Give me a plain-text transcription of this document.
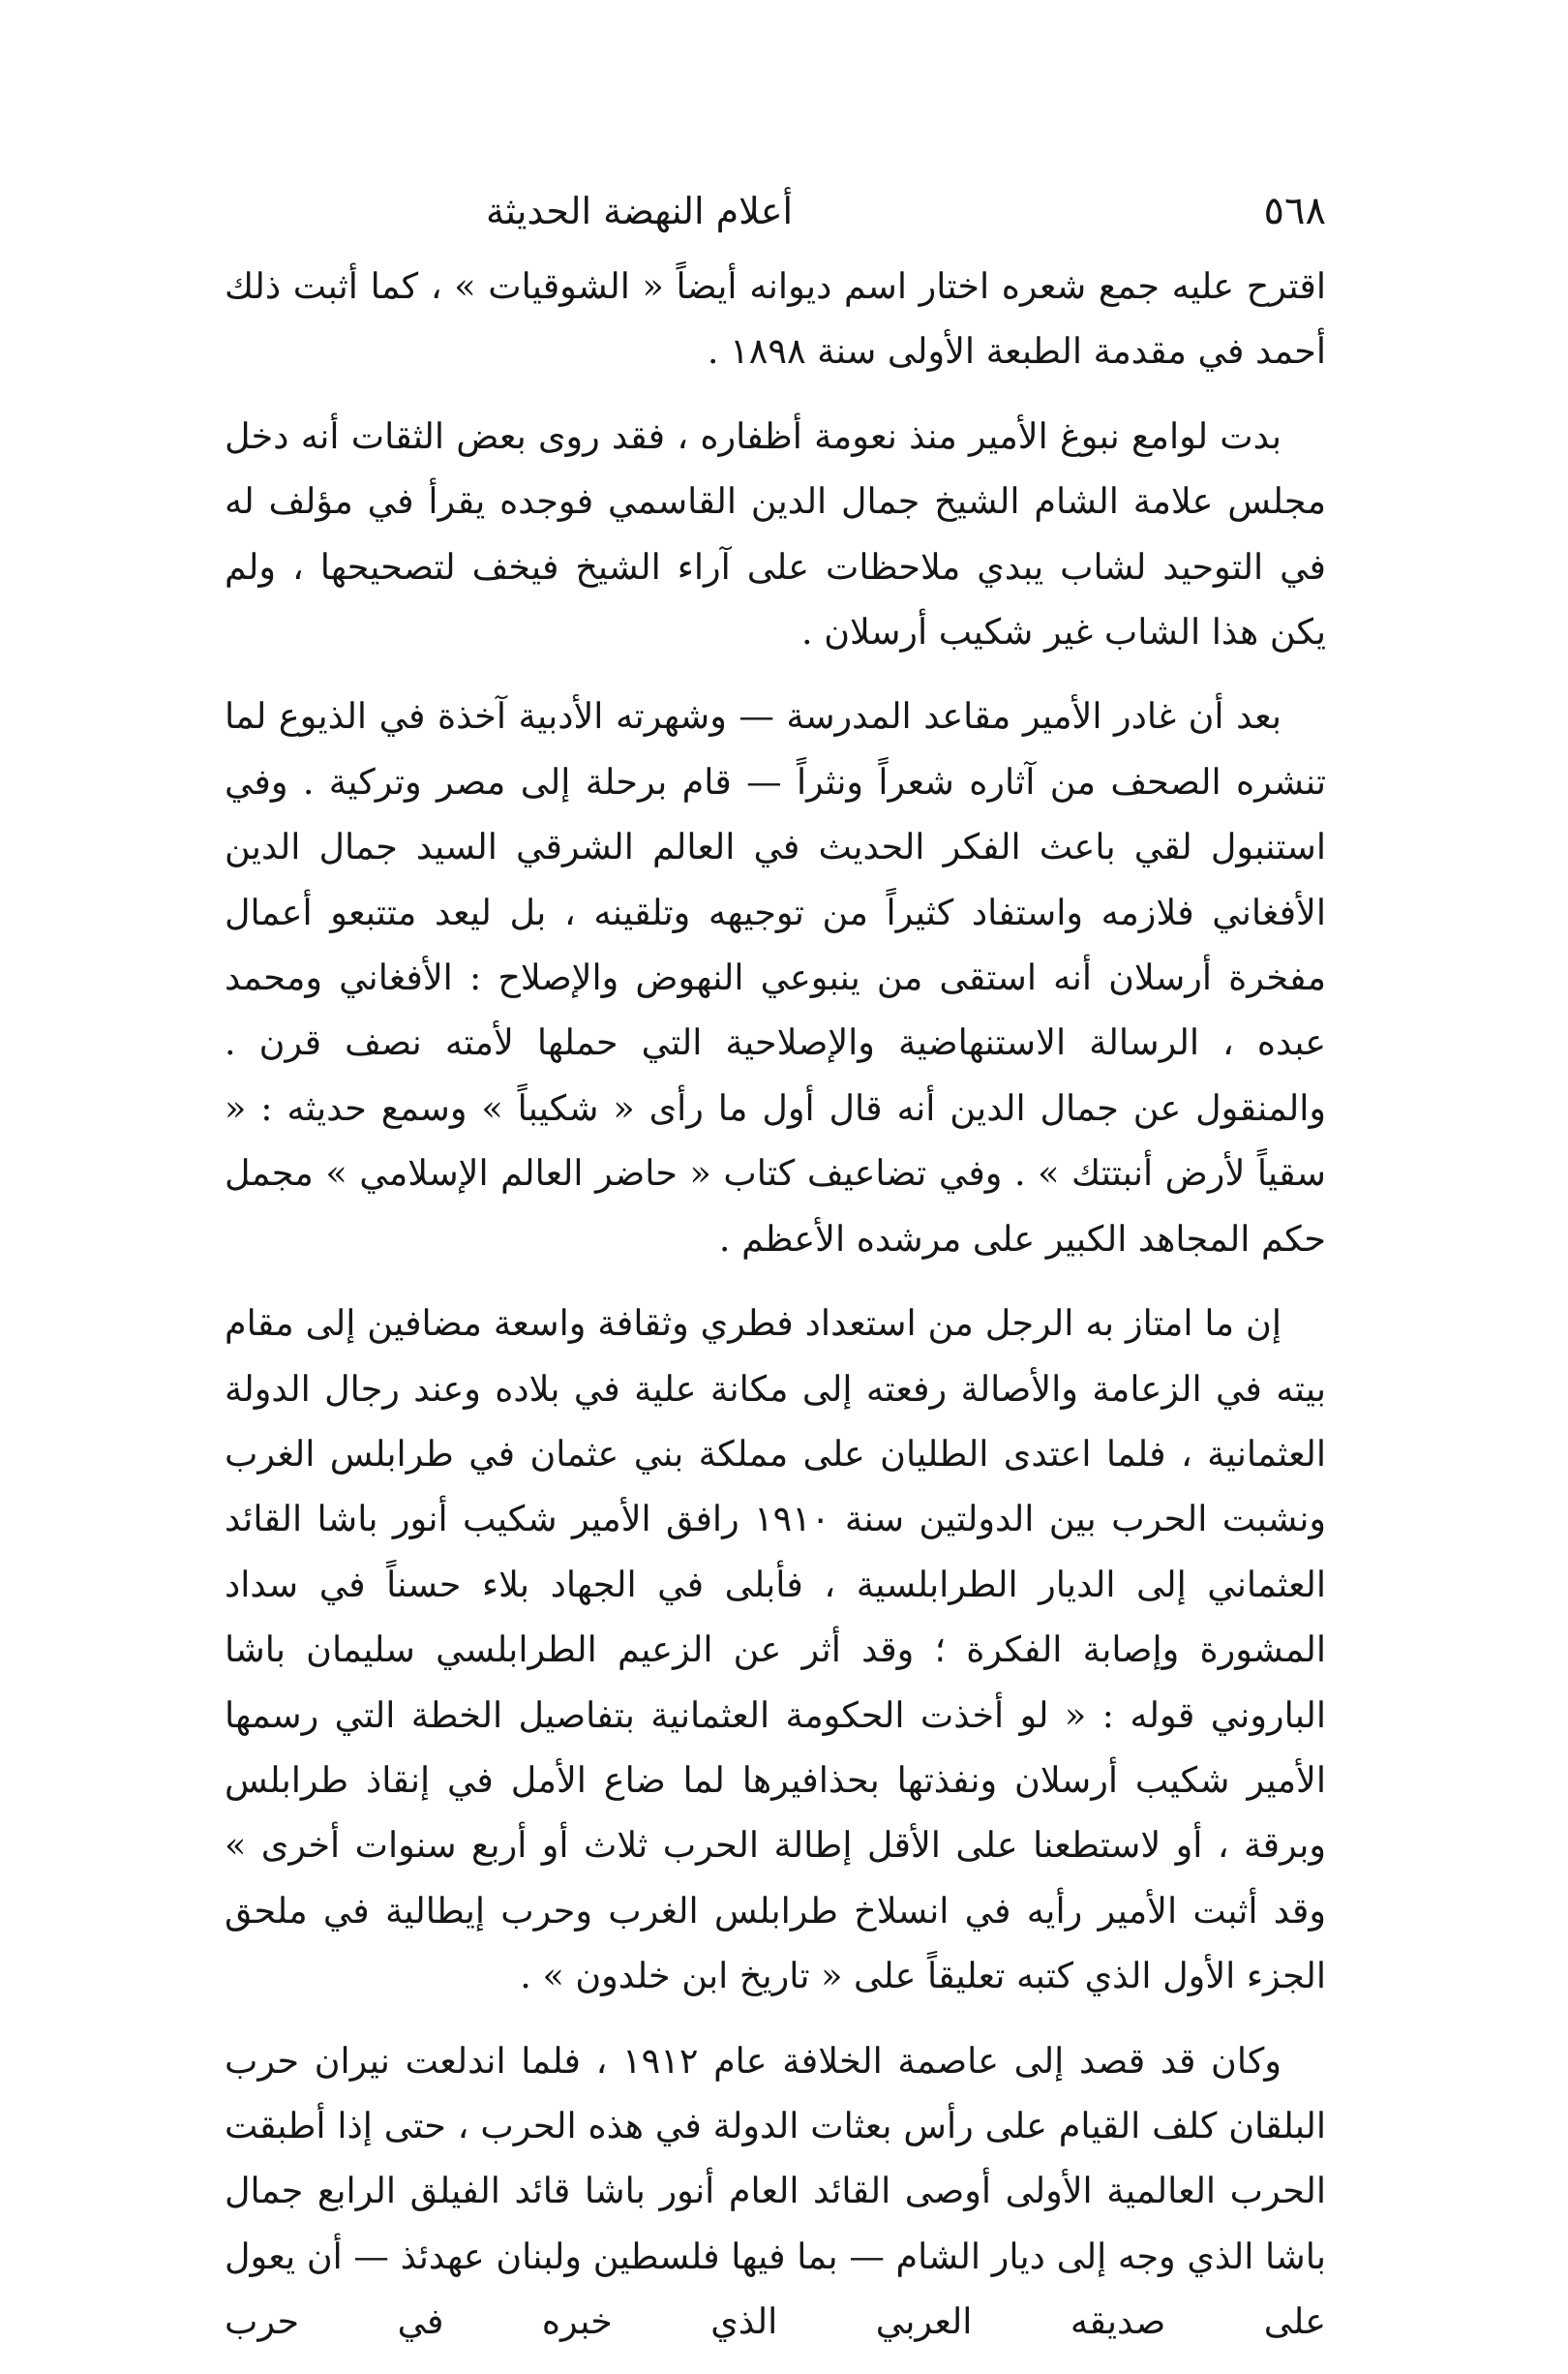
٥٦٨
أعلام النهضة الحديثة

اقترح عليه جمع شعره اختار اسم ديوانه أيضاً « الشوقيات » ، كما أثبت ذلك أحمد في مقدمة الطبعة الأولى سنة ١٨٩٨ .

بدت لوامع نبوغ الأمير منذ نعومة أظفاره ، فقد روى بعض الثقات أنه دخل مجلس علامة الشام الشيخ جمال الدين القاسمي فوجده يقرأ في مؤلف له في التوحيد لشاب يبدي ملاحظات على آراء الشيخ فيخف لتصحيحها ، ولم يكن هذا الشاب غير شكيب أرسلان .

بعد أن غادر الأمير مقاعد المدرسة — وشهرته الأدبية آخذة في الذيوع لما تنشره الصحف من آثاره شعراً ونثراً — قام برحلة إلى مصر وتركية . وفي استنبول لقي باعث الفكر الحديث في العالم الشرقي السيد جمال الدين الأفغاني فلازمه واستفاد كثيراً من توجيهه وتلقينه ، بل ليعد متتبعو أعمال مفخرة أرسلان أنه استقى من ينبوعي النهوض والإصلاح : الأفغاني ومحمد عبده ، الرسالة الاستنهاضية والإصلاحية التي حملها لأمته نصف قرن . والمنقول عن جمال الدين أنه قال أول ما رأى « شكيباً » وسمع حديثه : « سقياً لأرض أنبتتك » . وفي تضاعيف كتاب « حاضر العالم الإسلامي » مجمل حكم المجاهد الكبير على مرشده الأعظم .

إن ما امتاز به الرجل من استعداد فطري وثقافة واسعة مضافين إلى مقام بيته في الزعامة والأصالة رفعته إلى مكانة علية في بلاده وعند رجال الدولة العثمانية ، فلما اعتدى الطليان على مملكة بني عثمان في طرابلس الغرب ونشبت الحرب بين الدولتين سنة ١٩١٠ رافق الأمير شكيب أنور باشا القائد العثماني إلى الديار الطرابلسية ، فأبلى في الجهاد بلاء حسناً في سداد المشورة وإصابة الفكرة ؛ وقد أثر عن الزعيم الطرابلسي سليمان باشا الباروني قوله : « لو أخذت الحكومة العثمانية بتفاصيل الخطة التي رسمها الأمير شكيب أرسلان ونفذتها بحذافيرها لما ضاع الأمل في إنقاذ طرابلس وبرقة ، أو لاستطعنا على الأقل إطالة الحرب ثلاث أو أربع سنوات أخرى » وقد أثبت الأمير رأيه في انسلاخ طرابلس الغرب وحرب إيطالية في ملحق الجزء الأول الذي كتبه تعليقاً على « تاريخ ابن خلدون » .

وكان قد قصد إلى عاصمة الخلافة عام ١٩١٢ ، فلما اندلعت نيران حرب البلقان كلف القيام على رأس بعثات الدولة في هذه الحرب ، حتى إذا أطبقت الحرب العالمية الأولى أوصى القائد العام أنور باشا قائد الفيلق الرابع جمال باشا الذي وجه إلى ديار الشام — بما فيها فلسطين ولبنان عهدئذ — أن يعول على صديقه العربي الذي خبره في حرب
